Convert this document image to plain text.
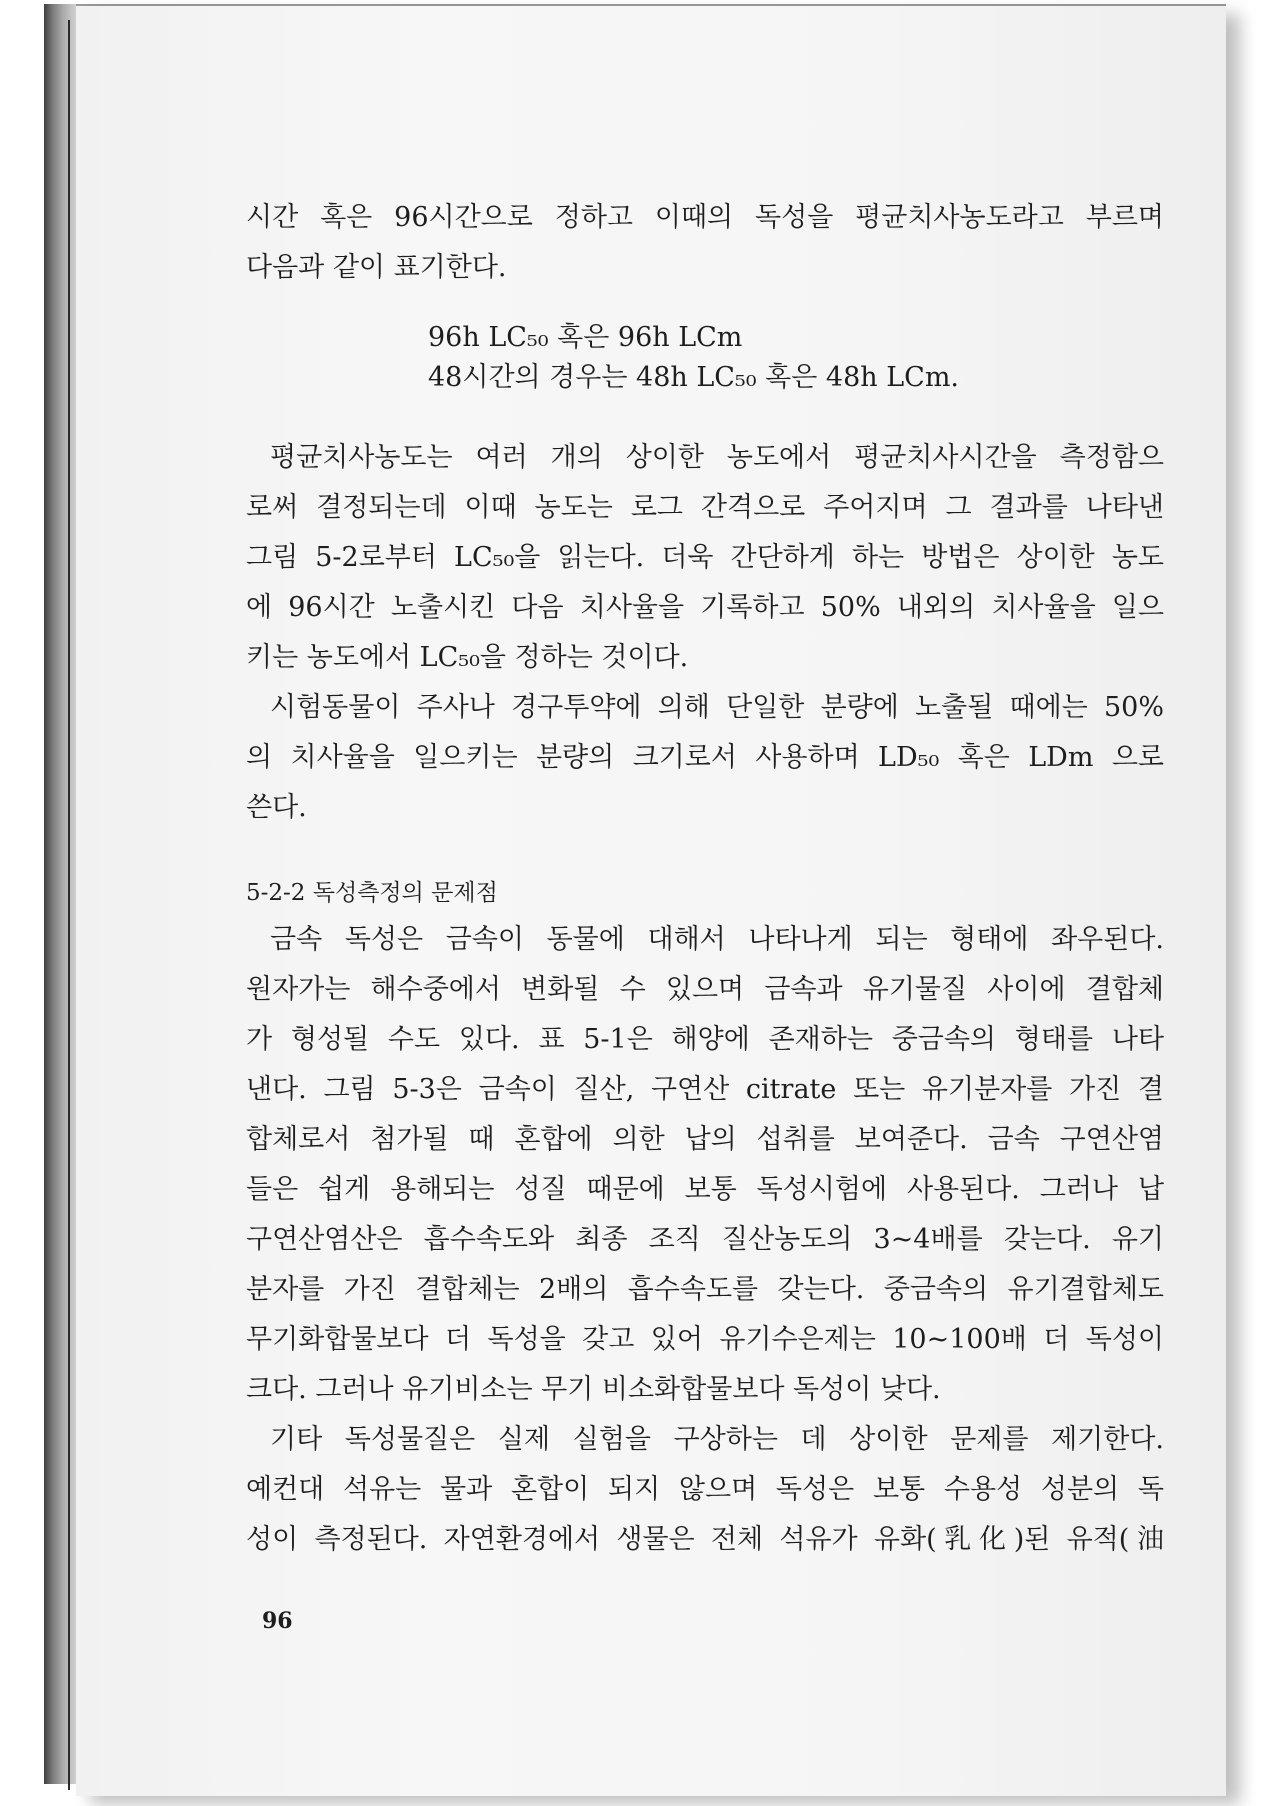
시간 혹은 96시간으로 정하고 이때의 독성을 평균치사농도라고 부르며
다음과 같이 표기한다.
96h LC₅₀ 혹은 96h LCm
48시간의 경우는 48h LC₅₀ 혹은 48h LCm.
평균치사농도는 여러 개의 상이한 농도에서 평균치사시간을 측정함으
로써 결정되는데 이때 농도는 로그 간격으로 주어지며 그 결과를 나타낸
그림 5-2로부터 LC₅₀을 읽는다. 더욱 간단하게 하는 방법은 상이한 농도
에 96시간 노출시킨 다음 치사율을 기록하고 50% 내외의 치사율을 일으
키는 농도에서 LC₅₀을 정하는 것이다.
시험동물이 주사나 경구투약에 의해 단일한 분량에 노출될 때에는 50%
의 치사율을 일으키는 분량의 크기로서 사용하며 LD₅₀ 혹은 LDm 으로
쓴다.
5-2-2 독성측정의 문제점
금속 독성은 금속이 동물에 대해서 나타나게 되는 형태에 좌우된다.
원자가는 해수중에서 변화될 수 있으며 금속과 유기물질 사이에 결합체
가 형성될 수도 있다. 표 5-1은 해양에 존재하는 중금속의 형태를 나타
낸다. 그림 5-3은 금속이 질산, 구연산 citrate 또는 유기분자를 가진 결
합체로서 첨가될 때 혼합에 의한 납의 섭취를 보여준다. 금속 구연산염
들은 쉽게 용해되는 성질 때문에 보통 독성시험에 사용된다. 그러나 납
구연산염산은 흡수속도와 최종 조직 질산농도의 3~4배를 갖는다. 유기
분자를 가진 결합체는 2배의 흡수속도를 갖는다. 중금속의 유기결합체도
무기화합물보다 더 독성을 갖고 있어 유기수은제는 10~100배 더 독성이
크다. 그러나 유기비소는 무기 비소화합물보다 독성이 낮다.
기타 독성물질은 실제 실험을 구상하는 데 상이한 문제를 제기한다.
예컨대 석유는 물과 혼합이 되지 않으며 독성은 보통 수용성 성분의 독
성이 측정된다. 자연환경에서 생물은 전체 석유가 유화(乳化)된 유적(油
96
